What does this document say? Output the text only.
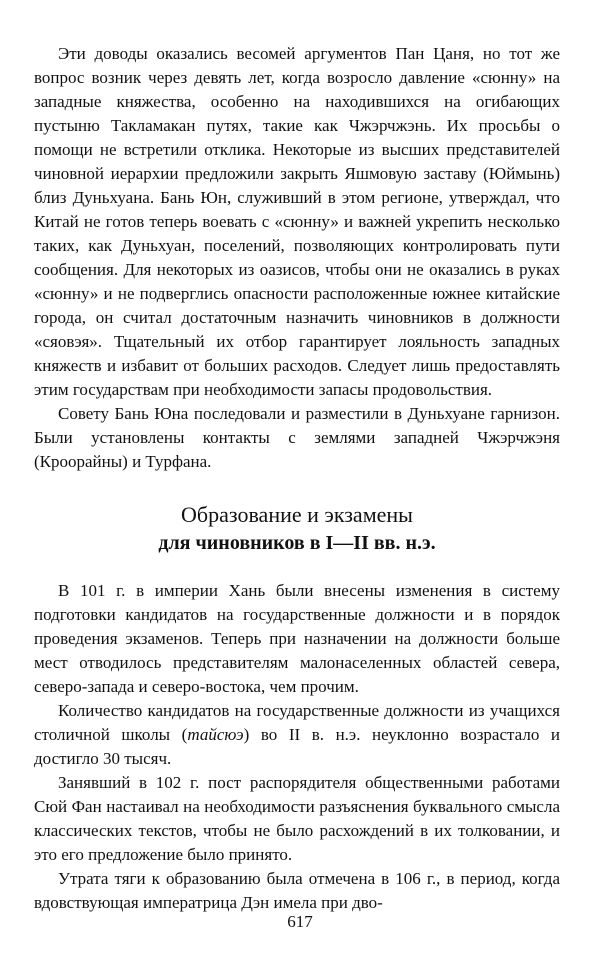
Эти доводы оказались весомей аргументов Пан Цаня, но тот же вопрос возник через девять лет, когда возросло давление «сюнну» на западные княжества, особенно на находившихся на огибающих пустыню Такламакан путях, такие как Чжэрчжэнь. Их просьбы о помощи не встретили отклика. Некоторые из высших представителей чиновной иерархии предложили закрыть Яшмовую заставу (Юймынь) близ Дуньхуана. Бань Юн, служивший в этом регионе, утверждал, что Китай не готов теперь воевать с «сюнну» и важней укрепить несколько таких, как Дуньхуан, поселений, позволяющих контролировать пути сообщения. Для некоторых из оазисов, чтобы они не оказались в руках «сюнну» и не подверглись опасности расположенные южнее китайские города, он считал достаточным назначить чиновников в должности «сяовэя». Тщательный их отбор гарантирует лояльность западных княжеств и избавит от больших расходов. Следует лишь предоставлять этим государствам при необходимости запасы продовольствия.

Совету Бань Юна последовали и разместили в Дуньхуане гарнизон. Были установлены контакты с землями западней Чжэрчжэня (Кроорайны) и Турфана.

Образование и экзамены
для чиновников в I—II вв. н.э.

В 101 г. в империи Хань были внесены изменения в систему подготовки кандидатов на государственные должности и в порядок проведения экзаменов. Теперь при назначении на должности больше мест отводилось представителям малонаселенных областей севера, северо-запада и северо-востока, чем прочим.

Количество кандидатов на государственные должности из учащихся столичной школы (тайсюэ) во II в. н.э. неуклонно возрастало и достигло 30 тысяч.

Занявший в 102 г. пост распорядителя общественными работами Сюй Фан настаивал на необходимости разъяснения буквального смысла классических текстов, чтобы не было расхождений в их толковании, и это его предложение было принято.

Утрата тяги к образованию была отмечена в 106 г., в период, когда вдовствующая императрица Дэн имела при дво-

617
